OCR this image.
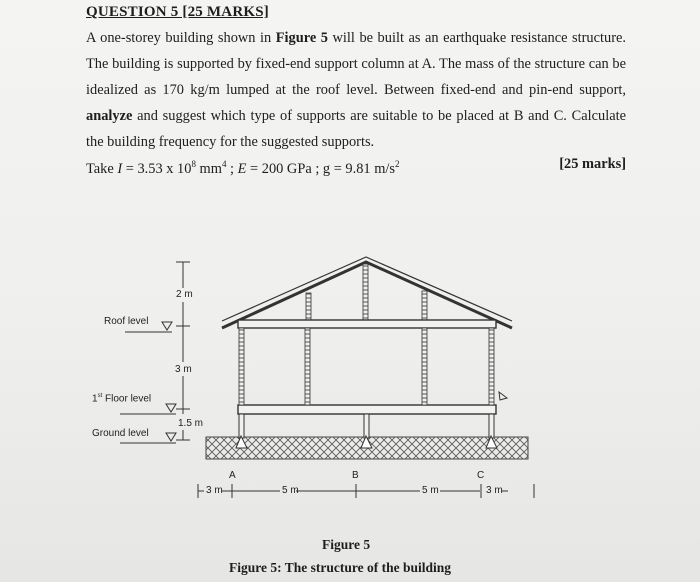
QUESTION 5 [25 MARKS]
A one-storey building shown in Figure 5 will be built as an earthquake resistance structure. The building is supported by fixed-end support column at A. The mass of the structure can be idealized as 170 kg/m lumped at the roof level. Between fixed-end and pin-end support, analyze and suggest which type of supports are suitable to be placed at B and C. Calculate the building frequency for the suggested supports.
Take I = 3.53 x $10^8$ $mm^4$ ; E = 200 GPa ; g = 9.81 $m/s^2$	[25 marks]
2 m
3 m
1.5 m
Roof level
1st Floor level
Ground level
A	B	C
3 m	5 m	5 m	3 m
Figure 5
Figure 5: The structure of the building
